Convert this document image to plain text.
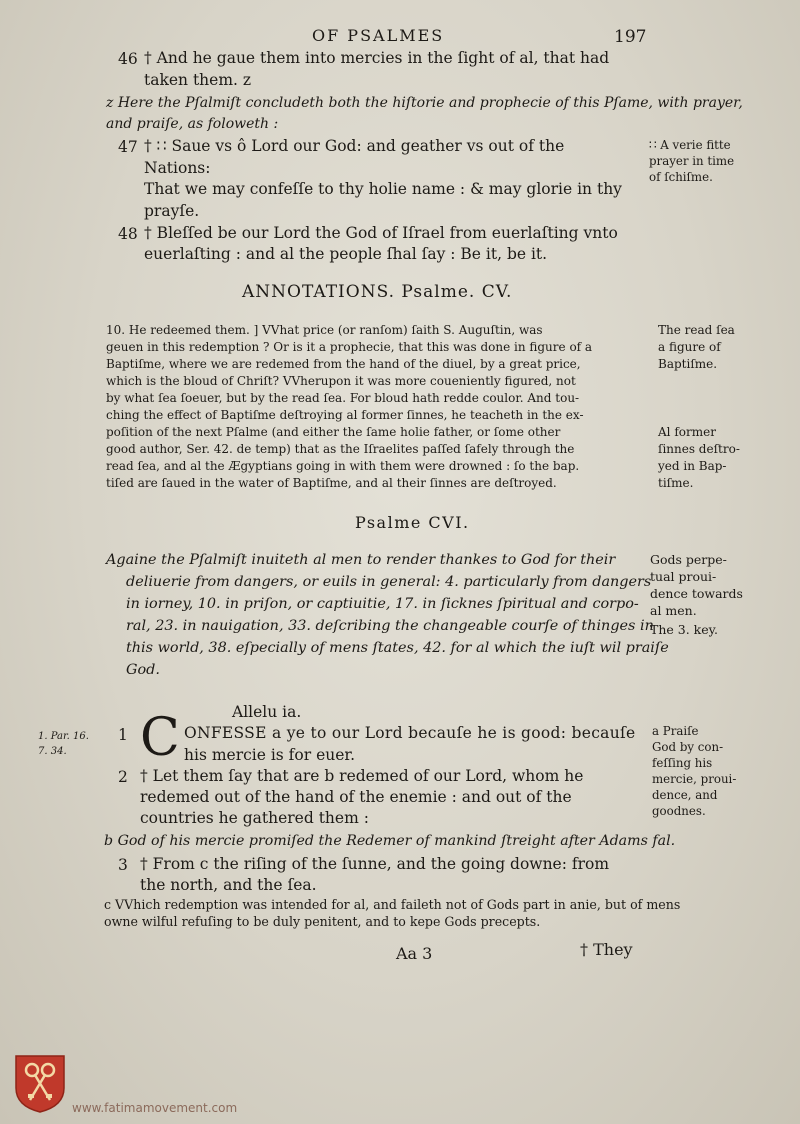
OF PSALMES	197
46 † And he gaue them into mercies in the ſight of al, that had
taken them. z
z Here the Pſalmiſt concludeth both the hiſtorie and propheciе of this Pſame, with prayer,
and praiſe, as foloweth :
47 † ∷ Saue vs ô Lord our God: and geather vs out of the
Nations:
That we may confeſſe to thy holie name : & may glorie in thy
prayſe.
∷ A verie fitte
prayer in time
of ſchiſme.
48 † Bleſſed be our Lord the God of Iſrael from euerlaſting vnto
euerlaſting : and al the people ſhal ſay : Be it, be it.
ANNOTATIONS. Psalme. CV.
10. He redeemed them. ] VVhat price (or ranſom) ſaith S. Auguſtin, was
geuen in this redemption ? Or is it a propheciе, that this was done in figure of a
Baptiſme, where we are redemed from the hand of the diuel, by a great price,
which is the bloud of Chriſt? VVherupon it was more coueniently figured, not
by what ſea ſoeuer, but by the read ſea. For bloud hath redde coulor. And tou-
ching the effect of Baptiſme deſtroying al former ſinnes, he teacheth in the ex-
poſition of the next Pſalme (and either the ſame holie father, or ſome other
good author, Ser. 42. de temp) that as the Iſraelites paſſed ſafely through the
read ſea, and al the Ægyptians going in with them were drowned : ſo the bap.
tiſed are ſaued in the water of Baptiſme, and al their ſinnes are deſtroyed.
The read ſea
a figure of
Baptiſme.
Al former
ſinnes deſtro-
yed in Bap-
tiſme.
Psalme CVI.
Againe the Pſalmiſt inuiteth al men to render thankes to God for their
deliuerie from dangers, or euils in general: 4. particularly from dangers
in iorney, 10. in priſon, or captiuitie, 17. in ſicknes ſpiritual and corpo-
ral, 23. in nauigation, 33. deſcribing the changeable courſe of thinges in
this world, 38. eſpecially of mens ſtates, 42. for al which the iuſt wil praiſe
God.
Gods perpe-
tual proui-
dence towards
al men.
The 3. key.
Allelu ia.
1. Par. 16. 7. 34.
1 C ONFESSE a ye to our Lord becauſe he is good: becauſe
his mercie is for euer.
a Praiſe
God by con-
feſſing his
mercie, proui-
dence, and
goodnes.
2 † Let them ſay that are b redemed of our Lord, whom he
redemed out of the hand of the enemie : and out of the
countries he gathered them :
b God of his mercie promiſed the Redemer of mankind ſtreight after Adams fal.
3 † From c the riſing of the ſunne, and the going downe: from
the north, and the ſea.
c VVhich redemption was intended for al, and faileth not of Gods part in anie, but of mens
owne wilful refuſing to be duly penitent, and to kepe Gods precepts.
Aa 3	† They
www.fatimamovement.com
